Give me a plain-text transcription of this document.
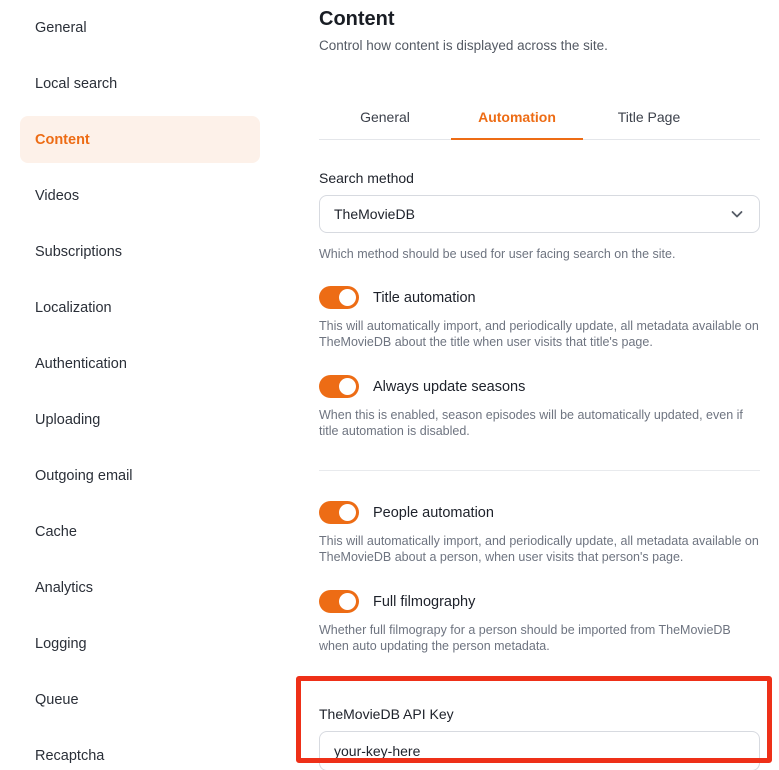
General
Local search
Content
Videos
Subscriptions
Localization
Authentication
Uploading
Outgoing email
Cache
Analytics
Logging
Queue
Recaptcha
Content
Control how content is displayed across the site.
General	Automation	Title Page
Search method
TheMovieDB
Which method should be used for user facing search on the site.
Title automation
This will automatically import, and periodically update, all metadata available on TheMovieDB about the title when user visits that title's page.
Always update seasons
When this is enabled, season episodes will be automatically updated, even if title automation is disabled.
People automation
This will automatically import, and periodically update, all metadata available on TheMovieDB about a person, when user visits that person's page.
Full filmography
Whether full filmograpy for a person should be imported from TheMovieDB when auto updating the person metadata.
TheMovieDB API Key
your-key-here
